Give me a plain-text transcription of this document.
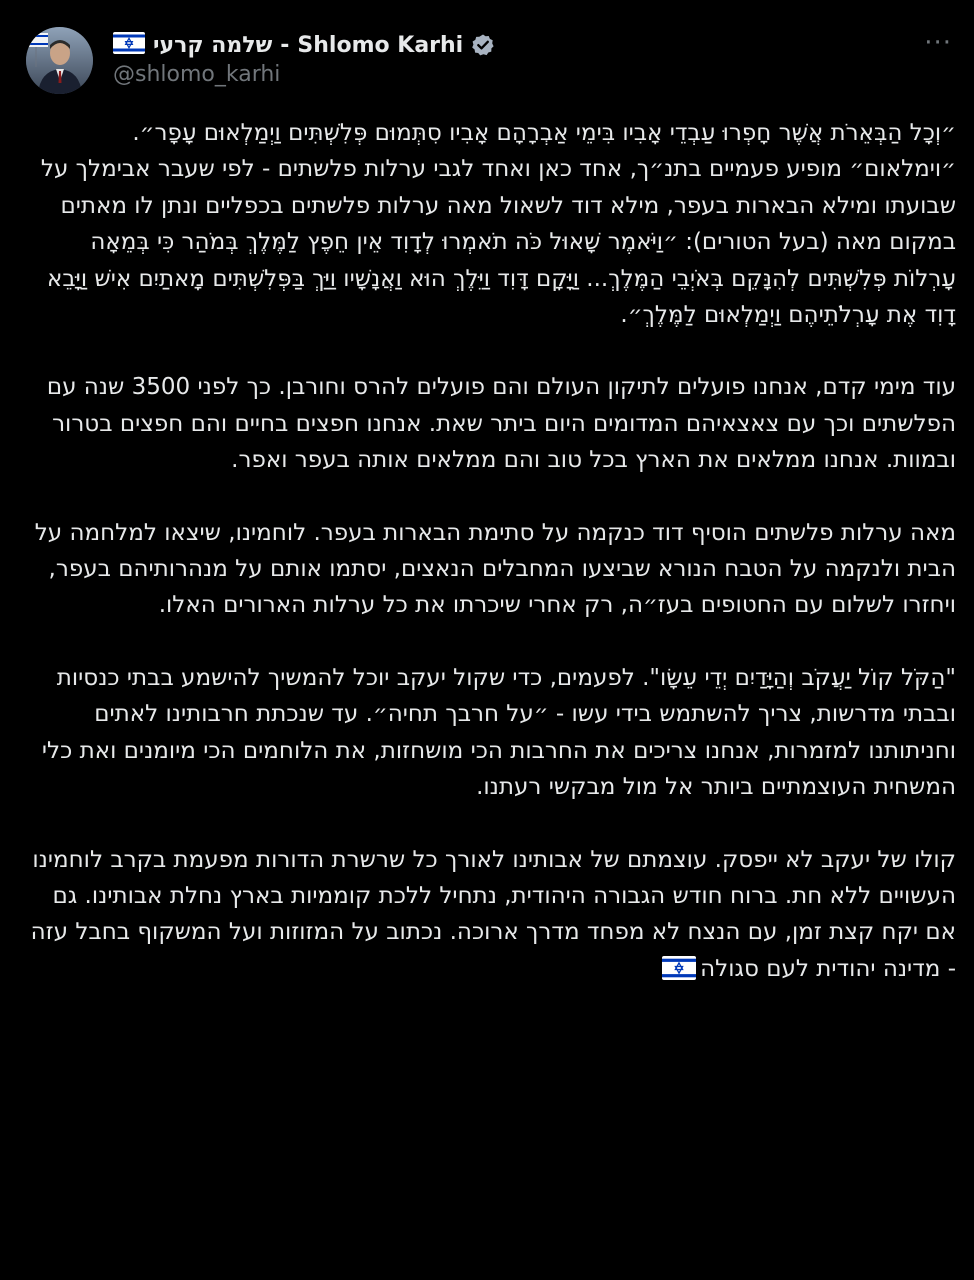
שלמה קרעי - Shlomo Karhi
@shlomo_karhi
···

״וְכָל הַבְּאֵרֹת אֲשֶׁר חָפְרוּ עַבְדֵי אָבִיו בִּימֵי אַבְרָהָם אָבִיו סִתְּמוּם פְּלִשְׁתִּים וַיְמַלְאוּם עָפָר״. ״וימלאום״ מופיע פעמיים בתנ״ך, אחד כאן ואחד לגבי ערלות פלשתים - לפי שעבר אבימלך על שבועתו ומילא הבארות בעפר, מילא דוד לשאול מאה ערלות פלשתים בכפליים ונתן לו מאתים במקום מאה (בעל הטורים): ״וַיֹּאמֶר שָׁאוּל כֹּה תֹאמְרוּ לְדָוִד אֵין חֵפֶץ לַמֶּלֶךְ בְּמֹהַר כִּי בְּמֵאָה עָרְלוֹת פְּלִשְׁתִּים לְהִנָּקֵם בְּאֹיְבֵי הַמֶּלֶךְ... וַיָּקָם דָּוִד וַיֵּלֶךְ הוּא וַאֲנָשָׁיו וַיַּךְ בַּפְּלִשְׁתִּים מָאתַיִם אִישׁ וַיָּבֵא דָוִד אֶת עָרְלֹתֵיהֶם וַיְמַלְאוּם לַמֶּלֶךְ״.

עוד מימי קדם, אנחנו פועלים לתיקון העולם והם פועלים להרס וחורבן. כך לפני 3500 שנה עם הפלשתים וכך עם צאצאיהם המדומים היום ביתר שאת. אנחנו חפצים בחיים והם חפצים בטרור ובמוות. אנחנו ממלאים את הארץ בכל טוב והם ממלאים אותה בעפר ואפר.

מאה ערלות פלשתים הוסיף דוד כנקמה על סתימת הבארות בעפר. לוחמינו, שיצאו למלחמה על הבית ולנקמה על הטבח הנורא שביצעו המחבלים הנאצים, יסתמו אותם על מנהרותיהם בעפר, ויחזרו לשלום עם החטופים בעז״ה, רק אחרי שיכרתו את כל ערלות הארורים האלו.

"הַקֹּל קוֹל יַעֲקֹב וְהַיָּדַיִם יְדֵי עֵשָׂו". לפעמים, כדי שקול יעקב יוכל להמשיך להישמע בבתי כנסיות ובבתי מדרשות, צריך להשתמש בידי עשו - ״על חרבך תחיה״. עד שנכתת חרבותינו לאתים וחניתותנו למזמרות, אנחנו צריכים את החרבות הכי מושחזות, את הלוחמים הכי מיומנים ואת כלי המשחית העוצמתיים ביותר אל מול מבקשי רעתנו.

קולו של יעקב לא ייפסק. עוצמתם של אבותינו לאורך כל שרשרת הדורות מפעמת בקרב לוחמינו העשויים ללא חת. ברוח חודש הגבורה היהודית, נתחיל ללכת קוממיות בארץ נחלת אבותינו. גם אם יקח קצת זמן, עם הנצח לא מפחד מדרך ארוכה. נכתוב על המזוזות ועל המשקוף בחבל עזה - מדינה יהודית לעם סגולה
